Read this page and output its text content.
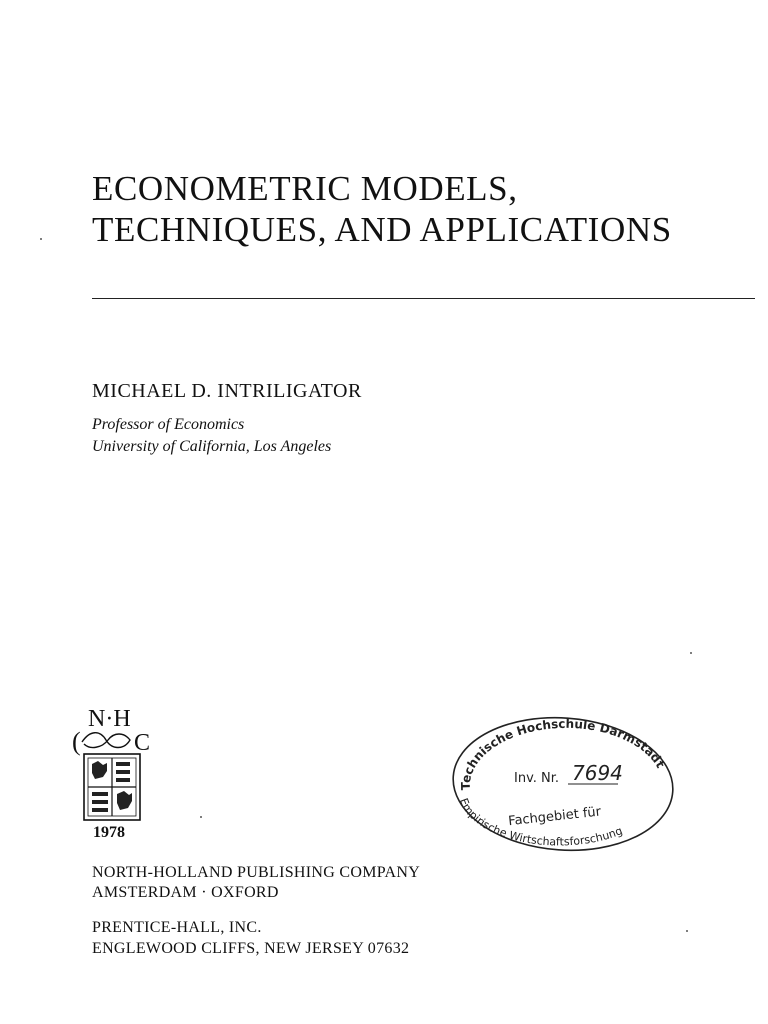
ECONOMETRIC MODELS,
TECHNIQUES, AND APPLICATIONS
MICHAEL D. INTRILIGATOR
Professor of Economics
University of California, Los Angeles
N·H
( C
1978
Technische Hochschule Darmstadt
Inv. Nr. 7694
Fachgebiet für
Empirische Wirtschaftsforschung
NORTH-HOLLAND PUBLISHING COMPANY
AMSTERDAM · OXFORD
PRENTICE-HALL, INC.
ENGLEWOOD CLIFFS, NEW JERSEY 07632
